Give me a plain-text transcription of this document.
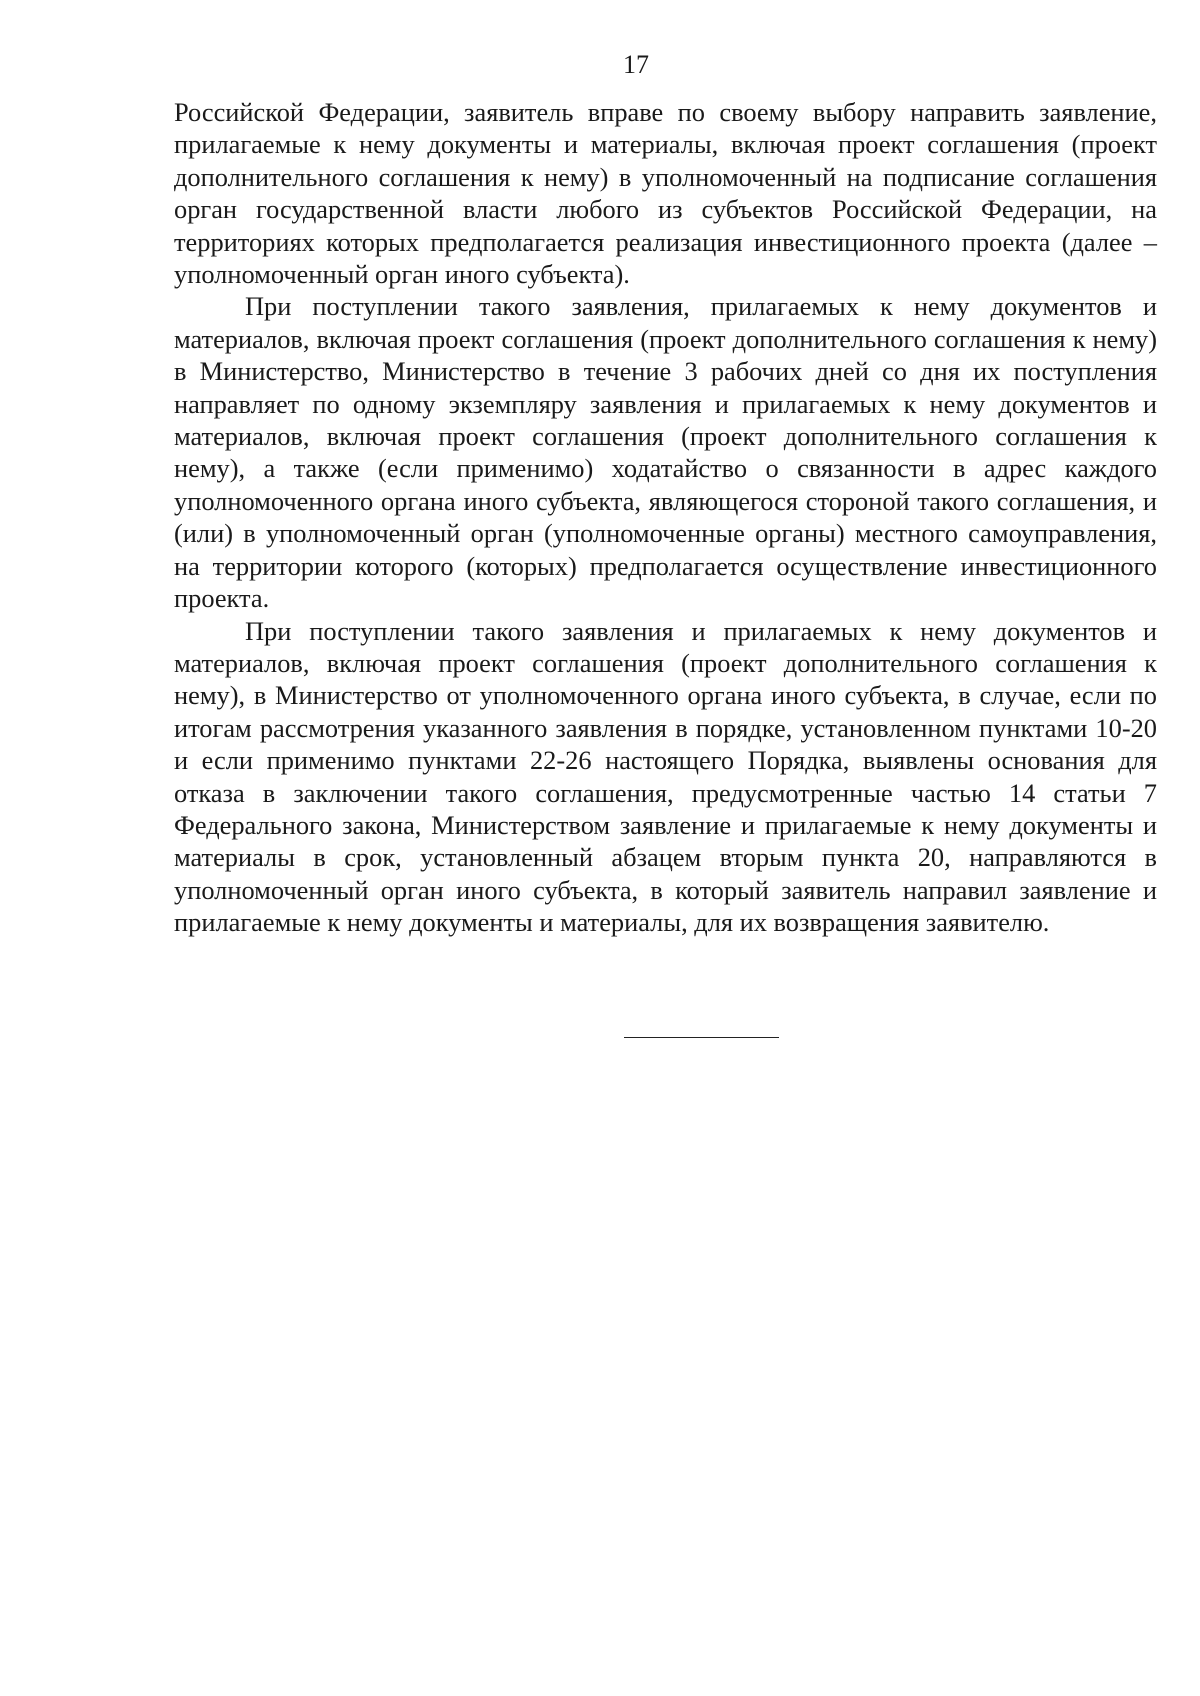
17

Российской Федерации, заявитель вправе по своему выбору направить заявление, прилагаемые к нему документы и материалы, включая проект соглашения (проект дополнительного соглашения к нему) в уполномоченный на подписание соглашения орган государственной власти любого из субъектов Российской Федерации, на территориях которых предполагается реализация инвестиционного проекта (далее – уполномоченный орган иного субъекта).

При поступлении такого заявления, прилагаемых к нему документов и материалов, включая проект соглашения (проект дополнительного соглашения к нему) в Министерство, Министерство в течение 3 рабочих дней со дня их поступления направляет по одному экземпляру заявления и прилагаемых к нему документов и материалов, включая проект соглашения (проект дополнительного соглашения к нему), а также (если применимо) ходатайство о связанности в адрес каждого уполномоченного органа иного субъекта, являющегося стороной такого соглашения, и (или) в уполномоченный орган (уполномоченные органы) местного самоуправления, на территории которого (которых) предполагается осуществление инвестиционного проекта.

При поступлении такого заявления и прилагаемых к нему документов и материалов, включая проект соглашения (проект дополнительного соглашения к нему), в Министерство от уполномоченного органа иного субъекта, в случае, если по итогам рассмотрения указанного заявления в порядке, установленном пунктами 10-20 и если применимо пунктами 22-26 настоящего Порядка, выявлены основания для отказа в заключении такого соглашения, предусмотренные частью 14 статьи 7 Федерального закона, Министерством заявление и прилагаемые к нему документы и материалы в срок, установленный абзацем вторым пункта 20, направляются в уполномоченный орган иного субъекта, в который заявитель направил заявление и прилагаемые к нему документы и материалы, для их возвращения заявителю.
